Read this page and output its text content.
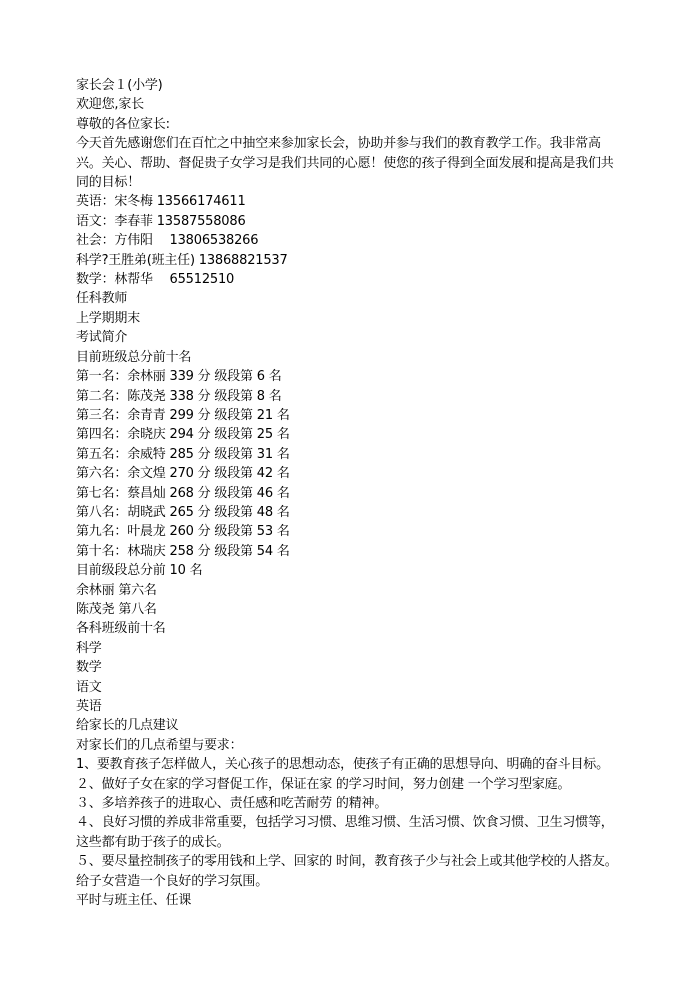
家长会１(小学)
欢迎您,家长
尊敬的各位家长:
今天首先感谢您们在百忙之中抽空来参加家长会，协助并参与我们的教育教学工作。我非常高兴。关心、帮助、督促贵子女学习是我们共同的心愿！使您的孩子得到全面发展和提高是我们共同的目标！
英语：宋冬梅 13566174611
语文：李春菲 13587558086
社会：方伟阳　 13806538266
科学?王胜弟(班主任) 13868821537
数学：林帮华　 65512510
任科教师
上学期期末
考试简介
目前班级总分前十名
第一名：余林丽 339 分 级段第 6 名
第二名：陈茂尧 338 分 级段第 8 名
第三名：余青青 299 分 级段第 21 名
第四名：余晓庆 294 分 级段第 25 名
第五名：余威特 285 分 级段第 31 名
第六名：余文煌 270 分 级段第 42 名
第七名：蔡昌灿 268 分 级段第 46 名
第八名：胡晓武 265 分 级段第 48 名
第九名：叶晨龙 260 分 级段第 53 名
第十名：林瑞庆 258 分 级段第 54 名
目前级段总分前 10 名
余林丽 第六名
陈茂尧 第八名
各科班级前十名
科学
数学
语文
英语
给家长的几点建议
对家长们的几点希望与要求：
1、要教育孩子怎样做人，关心孩子的思想动态，使孩子有正确的思想导向、明确的奋斗目标。
２、做好子女在家的学习督促工作，保证在家 的学习时间，努力创建 一个学习型家庭。
３、多培养孩子的进取心、责任感和吃苦耐劳 的精神。
４、良好习惯的养成非常重要，包括学习习惯、思维习惯、生活习惯、饮食习惯、卫生习惯等，这些都有助于孩子的成长。
５、要尽量控制孩子的零用钱和上学、回家的 时间，教育孩子少与社会上或其他学校的人搭友。给子女营造一个良好的学习氛围。
平时与班主任、任课
